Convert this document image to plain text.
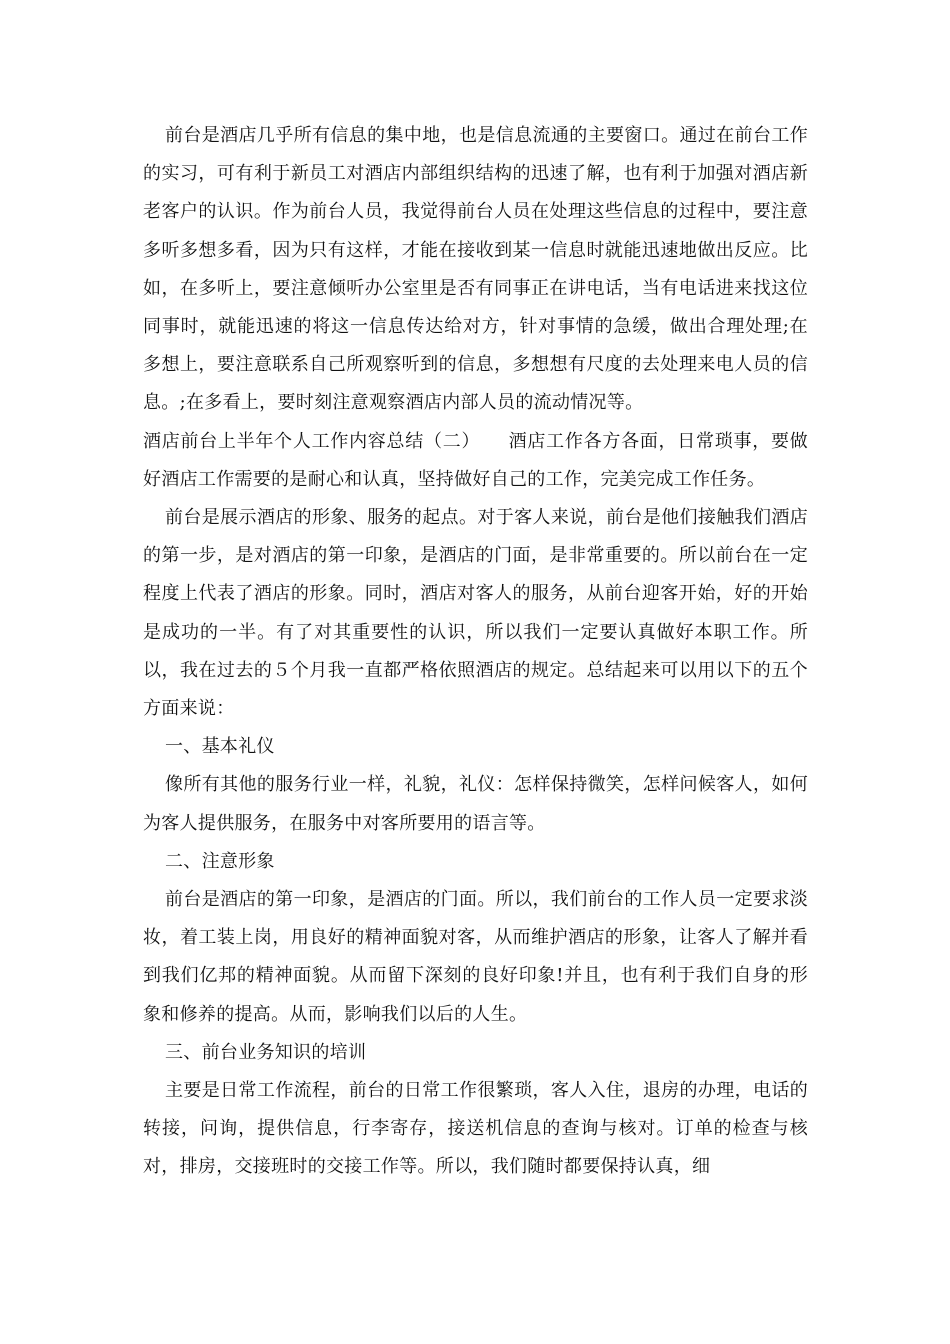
前台是酒店几乎所有信息的集中地，也是信息流通的主要窗口。通过在前台工作的实习，可有利于新员工对酒店内部组织结构的迅速了解，也有利于加强对酒店新老客户的认识。作为前台人员，我觉得前台人员在处理这些信息的过程中，要注意多听多想多看，因为只有这样，才能在接收到某一信息时就能迅速地做出反应。比如，在多听上，要注意倾听办公室里是否有同事正在讲电话，当有电话进来找这位同事时，就能迅速的将这一信息传达给对方，针对事情的急缓，做出合理处理;在多想上，要注意联系自己所观察听到的信息，多想想有尺度的去处理来电人员的信息。;在多看上，要时刻注意观察酒店内部人员的流动情况等。

酒店前台上半年个人工作内容总结（二）　　酒店工作各方各面，日常琐事，要做好酒店工作需要的是耐心和认真，坚持做好自己的工作，完美完成工作任务。

前台是展示酒店的形象、服务的起点。对于客人来说，前台是他们接触我们酒店的第一步，是对酒店的第一印象，是酒店的门面，是非常重要的。所以前台在一定程度上代表了酒店的形象。同时，酒店对客人的服务，从前台迎客开始，好的开始是成功的一半。有了对其重要性的认识，所以我们一定要认真做好本职工作。所以，我在过去的５个月我一直都严格依照酒店的规定。总结起来可以用以下的五个方面来说：

一、基本礼仪

像所有其他的服务行业一样，礼貌，礼仪：怎样保持微笑，怎样问候客人，如何为客人提供服务，在服务中对客所要用的语言等。

二、注意形象

前台是酒店的第一印象，是酒店的门面。所以，我们前台的工作人员一定要求淡妆，着工装上岗，用良好的精神面貌对客，从而维护酒店的形象，让客人了解并看到我们亿邦的精神面貌。从而留下深刻的良好印象!并且，也有利于我们自身的形象和修养的提高。从而，影响我们以后的人生。

三、前台业务知识的培训

主要是日常工作流程，前台的日常工作很繁琐，客人入住，退房的办理，电话的转接，问询，提供信息，行李寄存，接送机信息的查询与核对。订单的检查与核对，排房，交接班时的交接工作等。所以，我们随时都要保持认真，细
